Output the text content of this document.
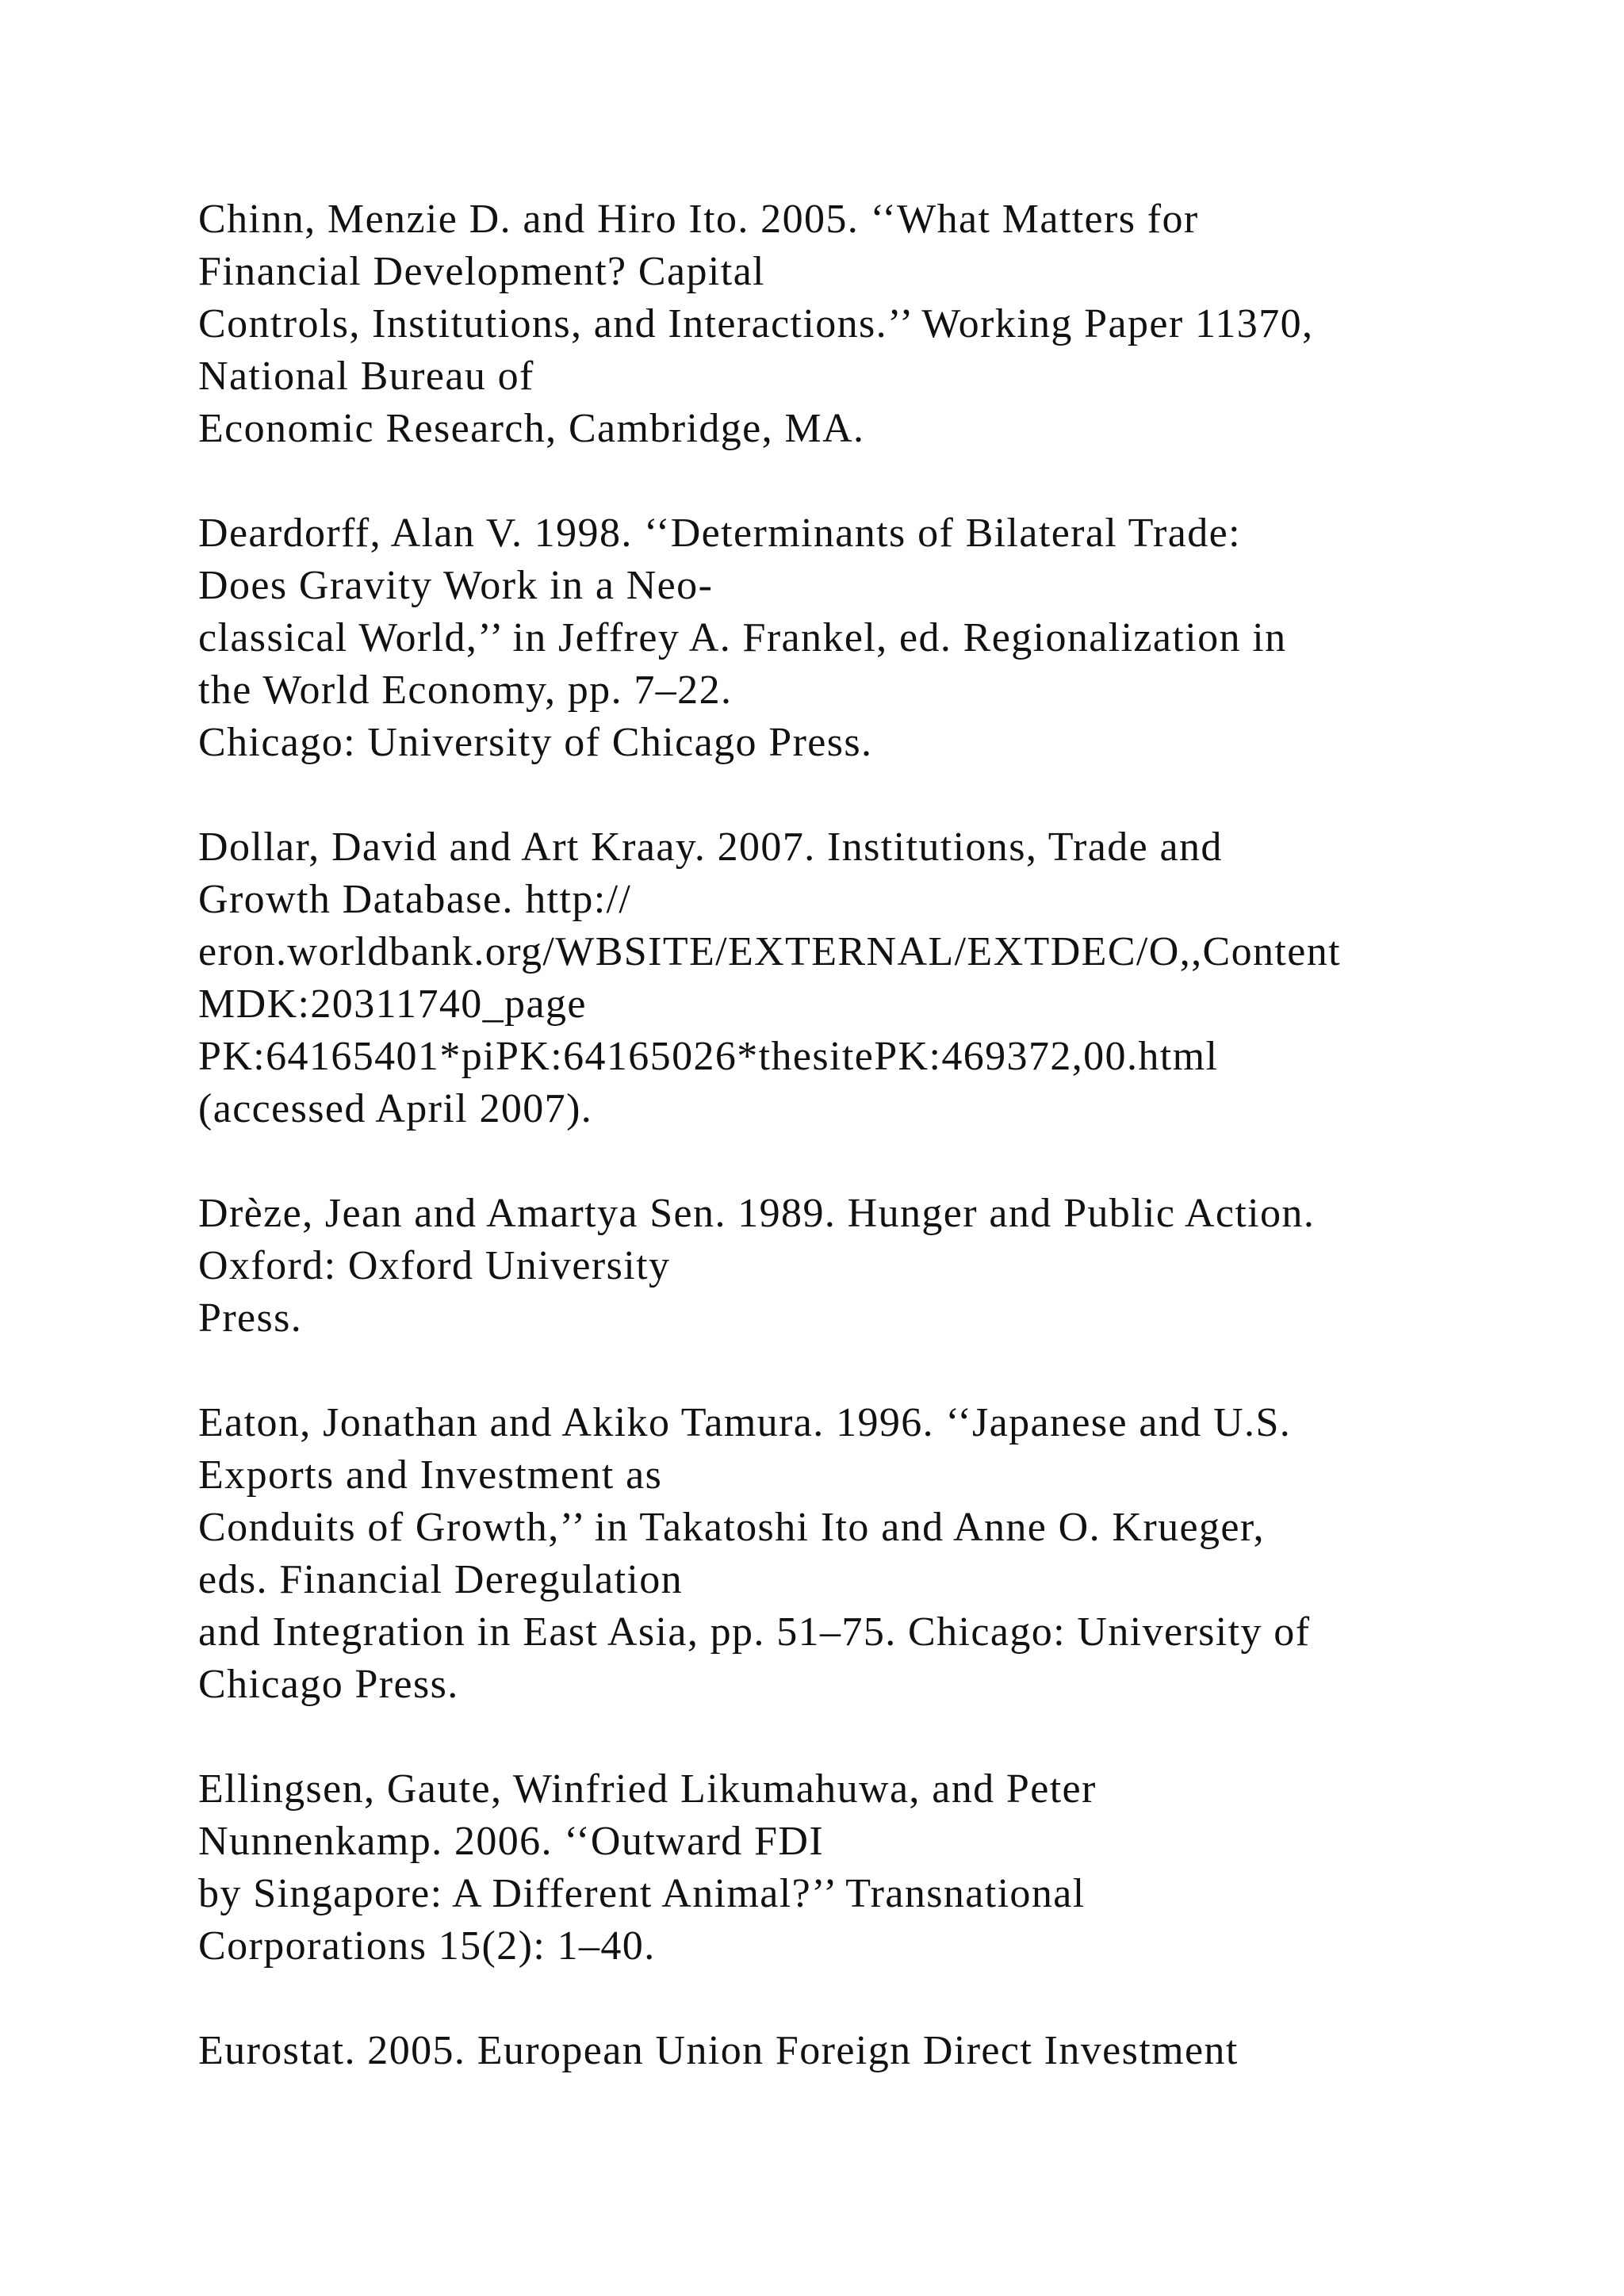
Chinn, Menzie D. and Hiro Ito. 2005. ‘‘What Matters for
Financial Development? Capital
Controls, Institutions, and Interactions.’’ Working Paper 11370,
National Bureau of
Economic Research, Cambridge, MA.
Deardorff, Alan V. 1998. ‘‘Determinants of Bilateral Trade:
Does Gravity Work in a Neo-
classical World,’’ in Jeffrey A. Frankel, ed. Regionalization in
the World Economy, pp. 7–22.
Chicago: University of Chicago Press.
Dollar, David and Art Kraay. 2007. Institutions, Trade and
Growth Database. http://
eron.worldbank.org/WBSITE/EXTERNAL/EXTDEC/O,,Content
MDK:20311740_page
PK:64165401*piPK:64165026*thesitePK:469372,00.html
(accessed April 2007).
Drèze, Jean and Amartya Sen. 1989. Hunger and Public Action.
Oxford: Oxford University
Press.
Eaton, Jonathan and Akiko Tamura. 1996. ‘‘Japanese and U.S.
Exports and Investment as
Conduits of Growth,’’ in Takatoshi Ito and Anne O. Krueger,
eds. Financial Deregulation
and Integration in East Asia, pp. 51–75. Chicago: University of
Chicago Press.
Ellingsen, Gaute, Winfried Likumahuwa, and Peter
Nunnenkamp. 2006. ‘‘Outward FDI
by Singapore: A Different Animal?’’ Transnational
Corporations 15(2): 1–40.
Eurostat. 2005. European Union Foreign Direct Investment
